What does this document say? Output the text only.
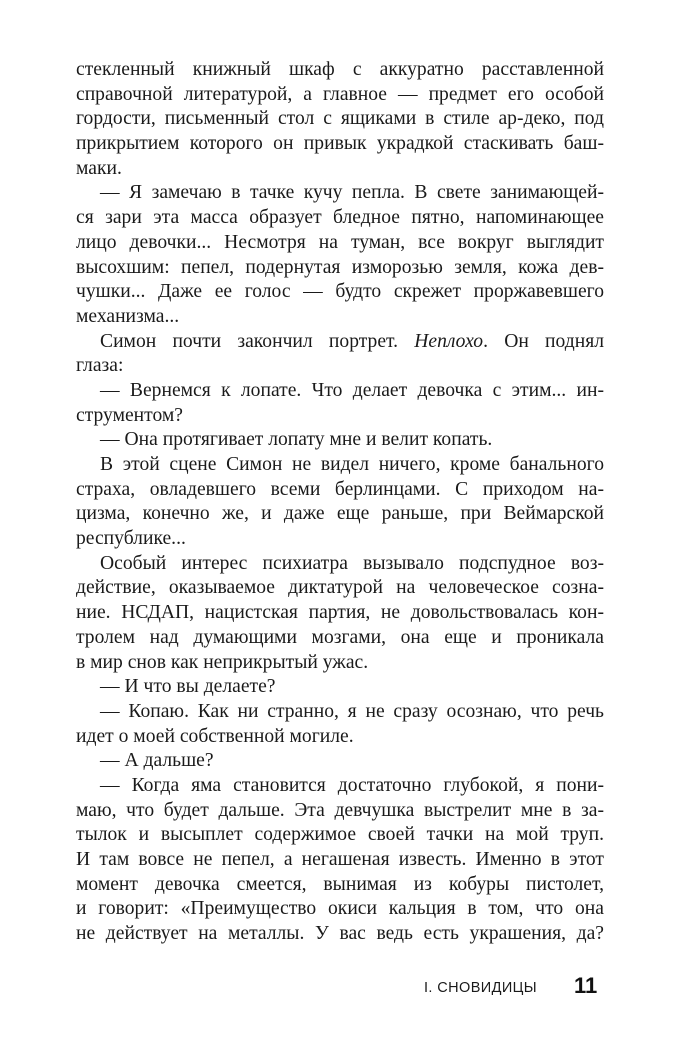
стекленный книжный шкаф с аккуратно расставленной
справочной литературой, а главное — предмет его особой
гордости, письменный стол с ящиками в стиле ар-деко, под
прикрытием которого он привык украдкой стаскивать баш-
маки.
— Я замечаю в тачке кучу пепла. В свете занимающей-
ся зари эта масса образует бледное пятно, напоминающее
лицо девочки... Несмотря на туман, все вокруг выглядит
высохшим: пепел, подернутая изморозью земля, кожа дев-
чушки... Даже ее голос — будто скрежет проржавевшего
механизма...
Симон почти закончил портрет. Неплохо. Он поднял
глаза:
— Вернемся к лопате. Что делает девочка с этим... ин-
струментом?
— Она протягивает лопату мне и велит копать.
В этой сцене Симон не видел ничего, кроме банального
страха, овладевшего всеми берлинцами. С приходом на-
цизма, конечно же, и даже еще раньше, при Веймарской
республике...
Особый интерес психиатра вызывало подспудное воз-
действие, оказываемое диктатурой на человеческое созна-
ние. НСДАП, нацистская партия, не довольствовалась кон-
тролем над думающими мозгами, она еще и проникала
в мир снов как неприкрытый ужас.
— И что вы делаете?
— Копаю. Как ни странно, я не сразу осознаю, что речь
идет о моей собственной могиле.
— А дальше?
— Когда яма становится достаточно глубокой, я пони-
маю, что будет дальше. Эта девчушка выстрелит мне в за-
тылок и высыплет содержимое своей тачки на мой труп.
И там вовсе не пепел, а негашеная известь. Именно в этот
момент девочка смеется, вынимая из кобуры пистолет,
и говорит: «Преимущество окиси кальция в том, что она
не действует на металлы. У вас ведь есть украшения, да?
I. СНОВИДИЦЫ 11
